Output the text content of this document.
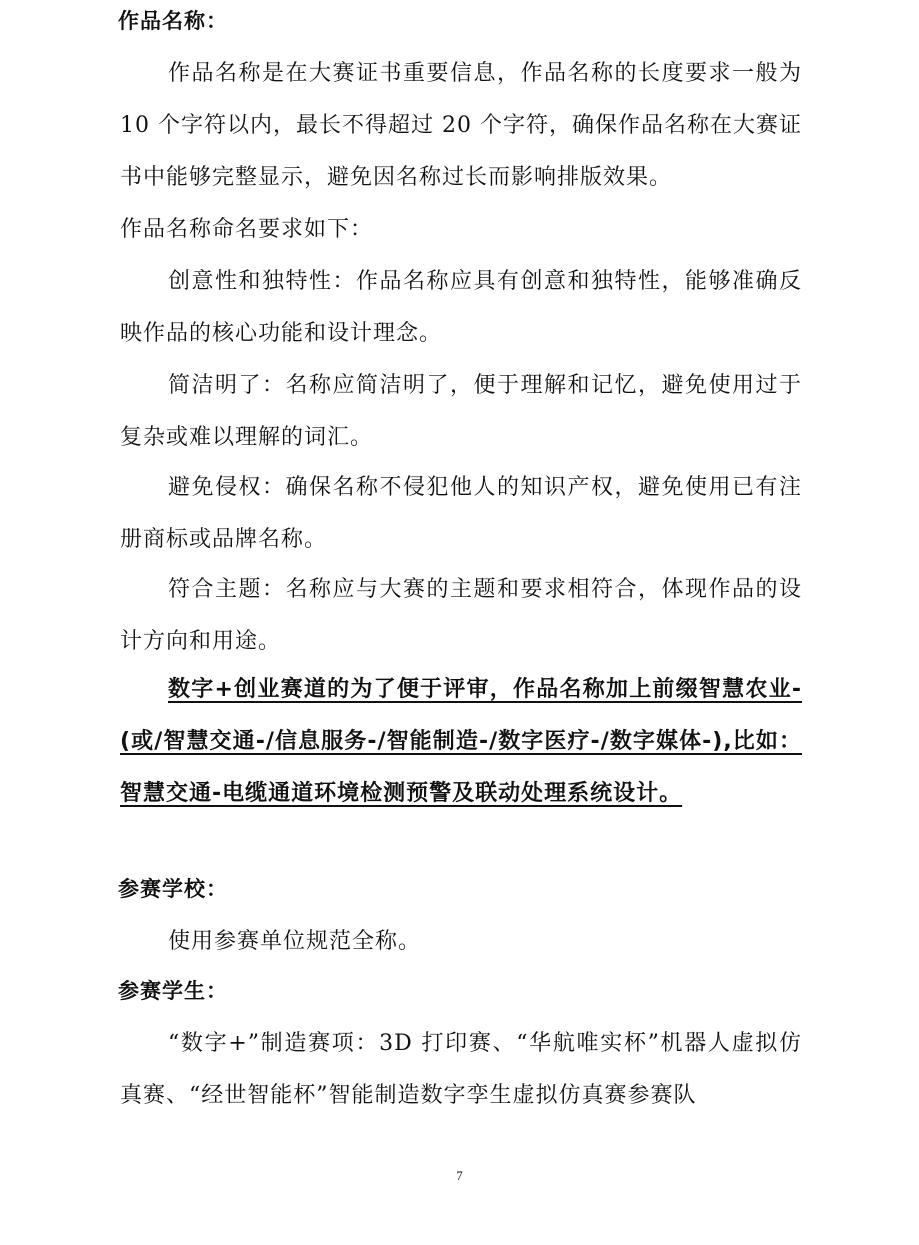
作品名称：

作品名称是在大赛证书重要信息，作品名称的长度要求一般为 10 个字符以内，最长不得超过 20 个字符，确保作品名称在大赛证书中能够完整显示，避免因名称过长而影响排版效果。

作品名称命名要求如下：

创意性和独特性：作品名称应具有创意和独特性，能够准确反映作品的核心功能和设计理念。

简洁明了：名称应简洁明了，便于理解和记忆，避免使用过于复杂或难以理解的词汇。

避免侵权：确保名称不侵犯他人的知识产权，避免使用已有注册商标或品牌名称。

符合主题：名称应与大赛的主题和要求相符合，体现作品的设计方向和用途。

数字+创业赛道的为了便于评审，作品名称加上前缀智慧农业-(或/智慧交通-/信息服务-/智能制造-/数字医疗-/数字媒体-),比如：智慧交通-电缆通道环境检测预警及联动处理系统设计。

参赛学校：

使用参赛单位规范全称。

参赛学生：

“数字+”制造赛项：3D 打印赛、“华航唯实杯”机器人虚拟仿真赛、“经世智能杯”智能制造数字孪生虚拟仿真赛参赛队

7
